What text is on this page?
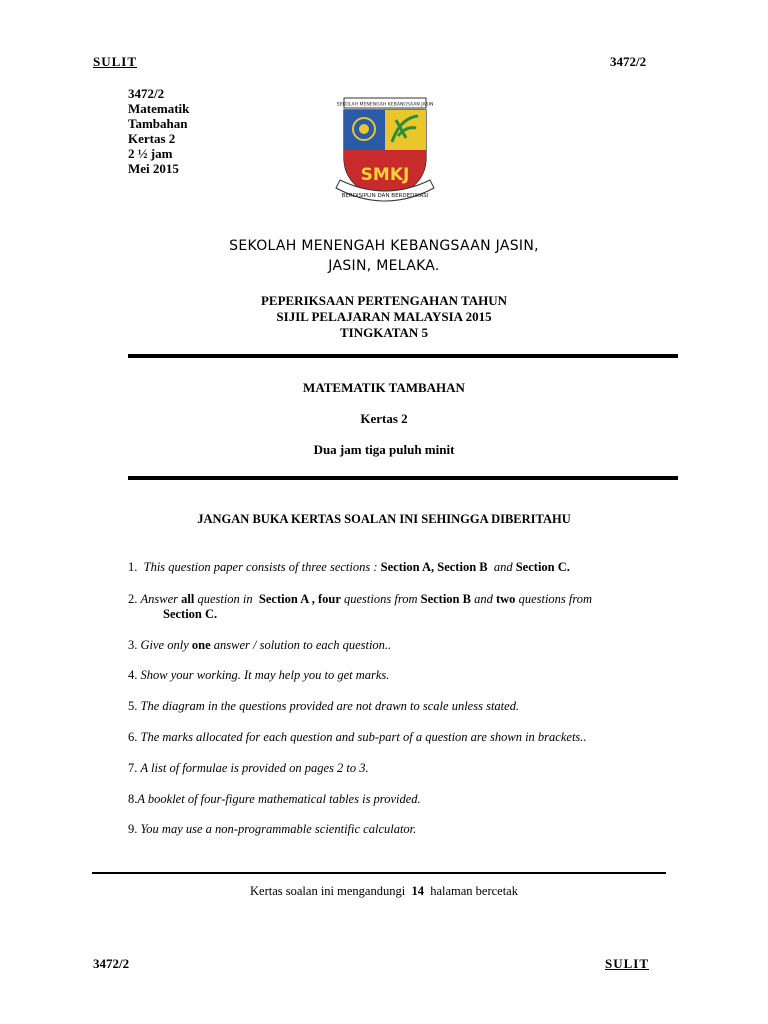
SULIT	3472/2
3472/2
Matematik
Tambahan
Kertas 2
2 ½ jam
Mei 2015
SEKOLAH MENENGAH KEBANGSAAN JASIN
SMKJ
BERDISIPLIN DAN BERDEDIKASI
SEKOLAH MENENGAH KEBANGSAAN JASIN,
JASIN, MELAKA.
PEPERIKSAAN PERTENGAHAN TAHUN
SIJIL PELAJARAN MALAYSIA 2015
TINGKATAN 5
MATEMATIK TAMBAHAN
Kertas 2
Dua jam tiga puluh minit
JANGAN BUKA KERTAS SOALAN INI SEHINGGA DIBERITAHU
1. This question paper consists of three sections : Section A, Section B and Section C.
2. Answer all question in Section A , four questions from Section B and two questions from
Section C.
3. Give only one answer / solution to each question..
4. Show your working. It may help you to get marks.
5. The diagram in the questions provided are not drawn to scale unless stated.
6. The marks allocated for each question and sub-part of a question are shown in brackets..
7. A list of formulae is provided on pages 2 to 3.
8.A booklet of four-figure mathematical tables is provided.
9. You may use a non-programmable scientific calculator.
Kertas soalan ini mengandungi 14 halaman bercetak
3472/2	SULIT
